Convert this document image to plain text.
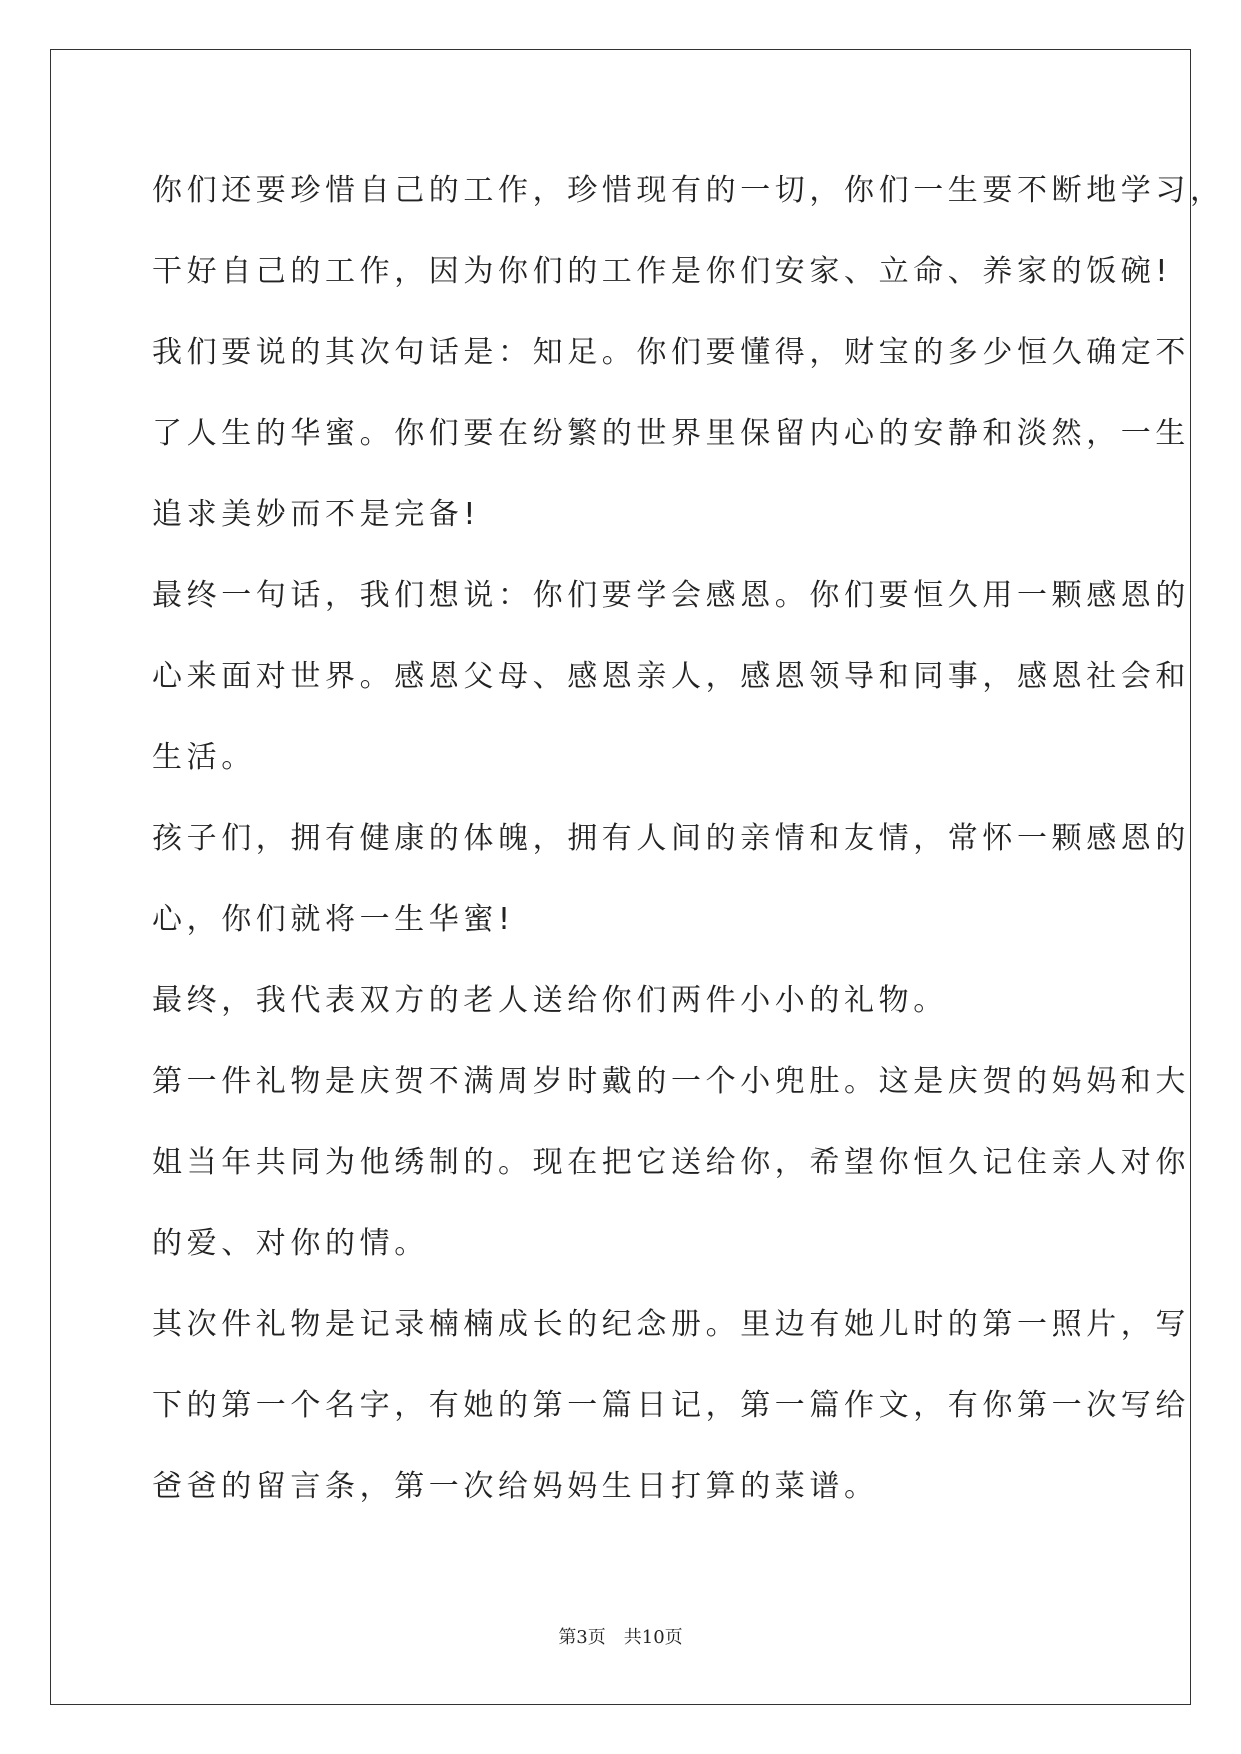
你们还要珍惜自己的工作，珍惜现有的一切，你们一生要不断地学习，
干好自己的工作，因为你们的工作是你们安家、立命、养家的饭碗!
我们要说的其次句话是：知足。你们要懂得，财宝的多少恒久确定不
了人生的华蜜。你们要在纷繁的世界里保留内心的安静和淡然，一生
追求美妙而不是完备!
最终一句话，我们想说：你们要学会感恩。你们要恒久用一颗感恩的
心来面对世界。感恩父母、感恩亲人，感恩领导和同事，感恩社会和
生活。
孩子们，拥有健康的体魄，拥有人间的亲情和友情，常怀一颗感恩的
心，你们就将一生华蜜!
最终，我代表双方的老人送给你们两件小小的礼物。
第一件礼物是庆贺不满周岁时戴的一个小兜肚。这是庆贺的妈妈和大
姐当年共同为他绣制的。现在把它送给你，希望你恒久记住亲人对你
的爱、对你的情。
其次件礼物是记录楠楠成长的纪念册。里边有她儿时的第一照片，写
下的第一个名字，有她的第一篇日记，第一篇作文，有你第一次写给
爸爸的留言条，第一次给妈妈生日打算的菜谱。
第3页 共10页
